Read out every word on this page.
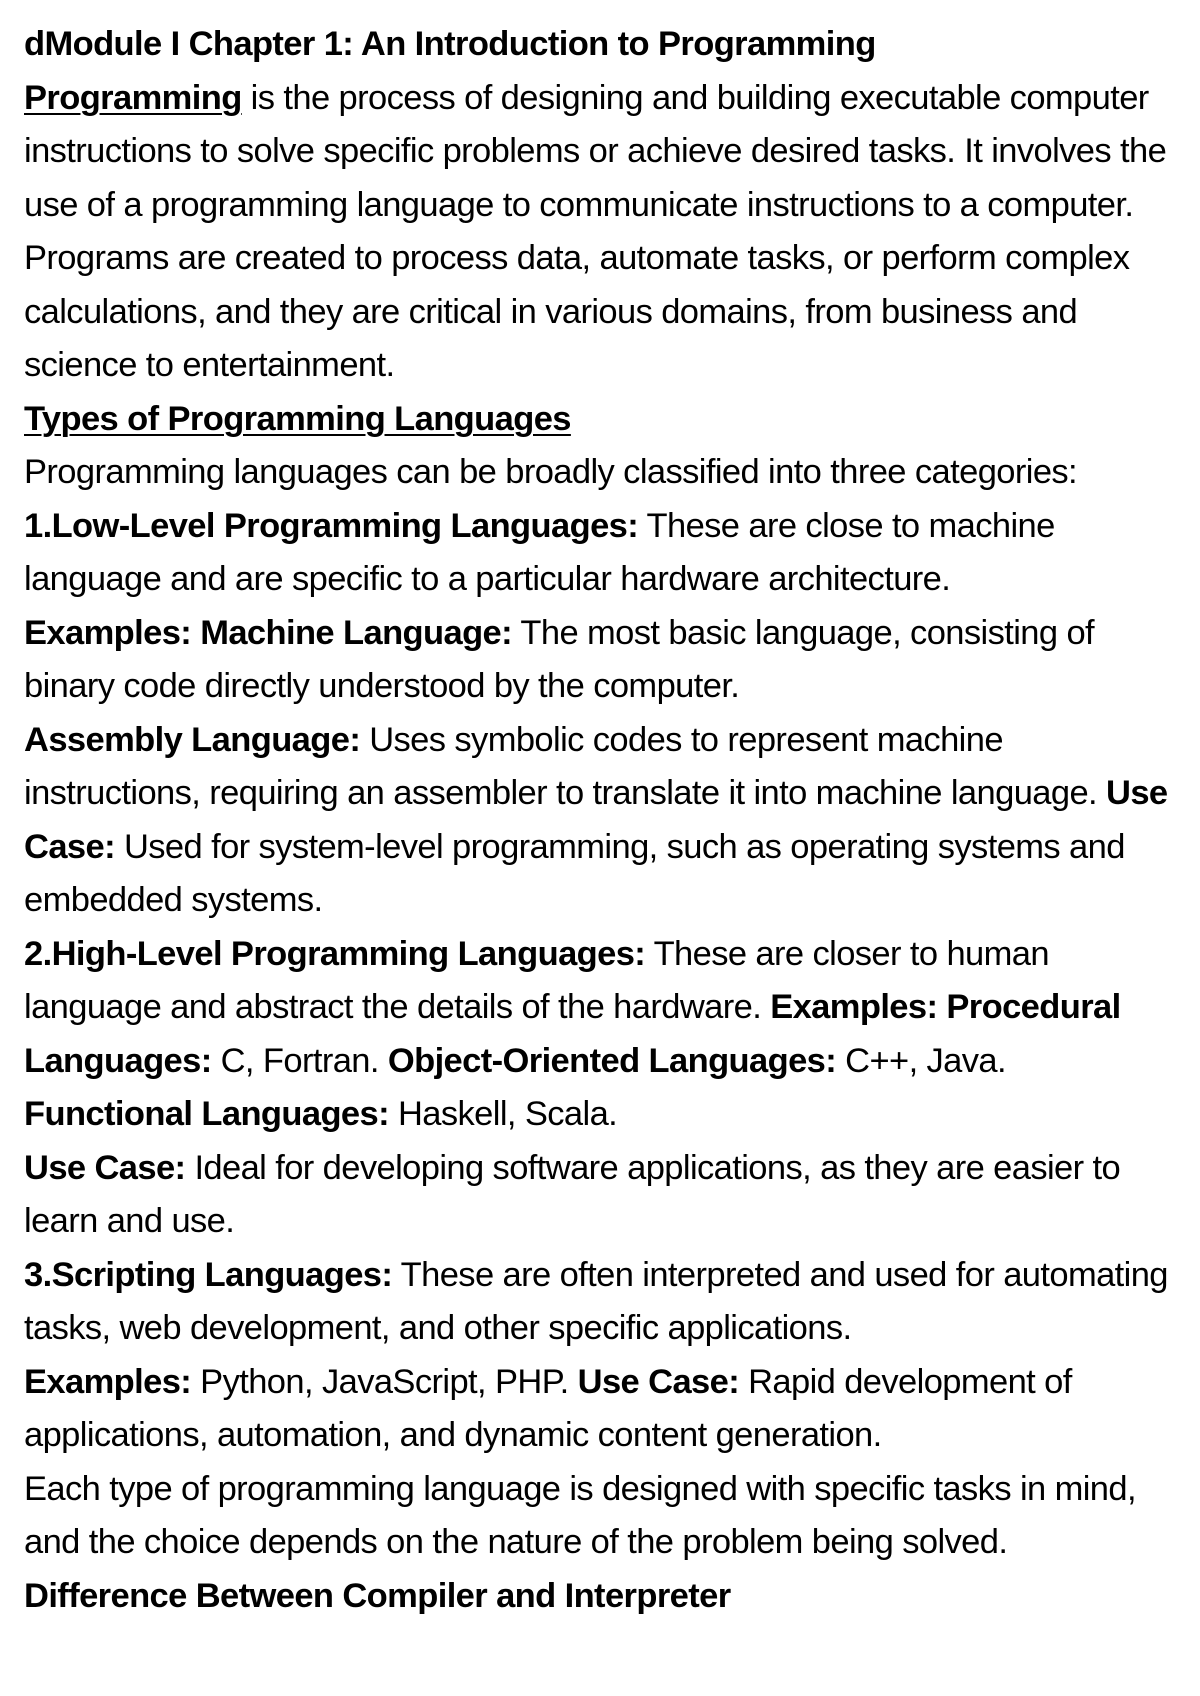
dModule I Chapter 1: An Introduction to Programming

Programming is the process of designing and building executable computer instructions to solve specific problems or achieve desired tasks. It involves the use of a programming language to communicate instructions to a computer. Programs are created to process data, automate tasks, or perform complex calculations, and they are critical in various domains, from business and science to entertainment.

Types of Programming Languages

Programming languages can be broadly classified into three categories:

1.Low-Level Programming Languages: These are close to machine language and are specific to a particular hardware architecture.

Examples: Machine Language: The most basic language, consisting of binary code directly understood by the computer.

Assembly Language: Uses symbolic codes to represent machine instructions, requiring an assembler to translate it into machine language. Use Case: Used for system-level programming, such as operating systems and embedded systems.

2.High-Level Programming Languages: These are closer to human language and abstract the details of the hardware. Examples: Procedural Languages: C, Fortran. Object-Oriented Languages: C++, Java. Functional Languages: Haskell, Scala.

Use Case: Ideal for developing software applications, as they are easier to learn and use.

3.Scripting Languages: These are often interpreted and used for automating tasks, web development, and other specific applications.

Examples: Python, JavaScript, PHP. Use Case: Rapid development of applications, automation, and dynamic content generation.

Each type of programming language is designed with specific tasks in mind, and the choice depends on the nature of the problem being solved. Difference Between Compiler and Interpreter
